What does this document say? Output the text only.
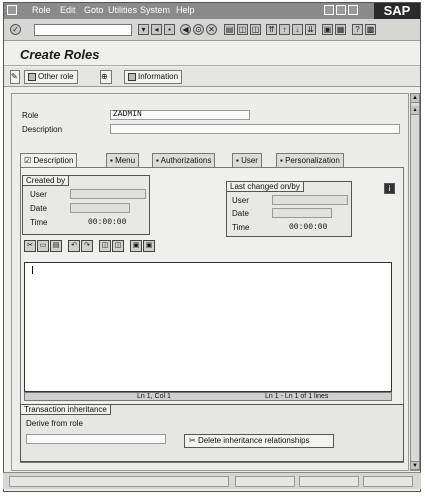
Role Edit Goto Utilities System Help	SAP
✓	▾	◂	▪	◀ ⊙ ✕ ▤ ◫ ◫ ⇈ ↑	↓ ⇊ ▣ ▦	? ▩
Create Roles
✎	Other role	⊕	Information
▲
▴
▼
Role	ZADMIN
Description
☑ Description	▪ Menu	▪ Authorizations	▪ User	▪ Personalization
Created by
User
Date
Time	00:00:00
Last changed on/by
User
Date
Time	00:00:00
i
✂ ▭ ▤	↶	↷	◫ ◫	▣ ▣
Ln 1, Col 1	Ln 1 - Ln 1 of 1 lines
Transaction inheritance
Derive from role
✂ Delete inheritance relationships
